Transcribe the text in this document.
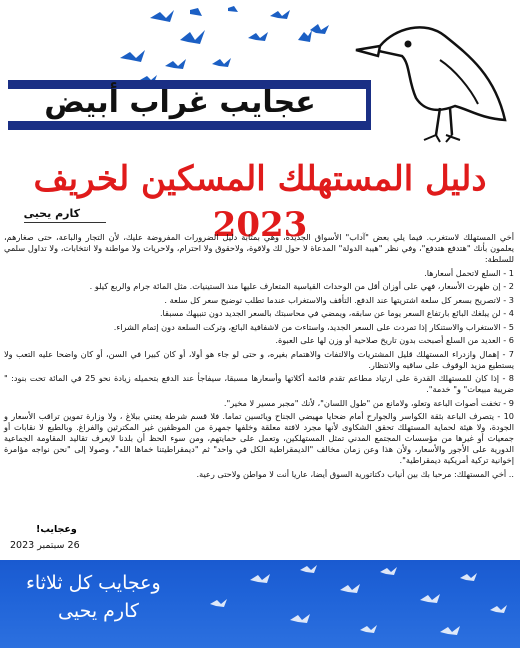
عجايب غراب أبيض
دليل المستهلك المسكين لخريف 2023
كارم يحيى

أخي المستهلك لاستغرب. فيما يلي بعض "آداب" الأسواق الجديدة، وهي بمثابة دليل الضرورات المفروضة عليك، لأن التجار والباعة، حتى صغارهم، يعلمون بأنك "هتدفع هتدفع"، وفي نظر "هيبة الدولة" المدعاة لا حول لك ولاقوة، ولاحقوق ولا احترام، ولاحريات ولا مواطنة ولا انتخابات، ولا تداول سلمي للسلطة:

1 - السلع لاتحمل أسعارها.

2 - إن ظهرت الأسعار، فهي على أوزان أقل من الوحدات القياسية المتعارف عليها منذ الستينيات. مثل المائة جرام والربع كيلو .

3 - لاتصريح بسعر كل سلعة اشتريتها عند الدفع. التأفف والاستغراب عندما تطلب توضيح سعر كل سلعة .

4 - لن يبلغك البائع بارتفاع السعر يوما عن سابقه، ويمضي في محاسبتك بالسعر الجديد دون تنبيهك مسبقا.

5 - الاستغراب والاستنكار إذا تمردت على السعر الجديد، واستاءت من لاشفافية البائع، وتركت السلعة دون إتمام الشراء.

6 - العديد من السلع أصبحت بدون تاريخ صلاحية أو وزن لها على العبوة.

7 - إهمال وازدراء المستهلك قليل المشتريات والالتفات والاهتمام بغيره، و حتى لو جاء هو أولا، أو كان كبيرا في السن، أو كان واضحا عليه التعب ولا يستطيع مزيد الوقوف على ساقيه والانتظار.

8 - إذا كان للمستهلك القدرة على ارتياد مطاعم تقدم قائمة أكلاتها وأسعارها مسبقا، سيفاجأ عند الدفع بتحميله زيادة نحو 25 في المائة تحت بنود: " ضريبة مبيعات" و" خدمة".

9 - تخفت أصوات الباعة وتعلو، ولامانع من "طول اللسان"، لأنك "مجبر مسير لا مخير".

10 - يتصرف الباعة بثقة الكواسر والجوارح أمام ضحايا مهيضي الجناح ويائسين تماما. فلا قسم شرطة يعتني ببلاغ ، ولا وزارة تموين تراقب الأسعار و الجودة، ولا هيئة لحماية المستهلك تحقق الشكاوى لأنها مجرد لافتة معلقة وخلفها جمهرة من الموظفين غير المكترثين والفراغ. وبالطبع لا نقابات أو جمعيات أو غيرها من مؤسسات المجتمع المدني تمثل المستهلكين، وتعمل على حمايتهم، ومن سوء الحظ أن بلدنا لايعرف تقاليد المقاومة الجماعية الدورية على الأجور والأسعار، ولأن هذا وعن زمان مخالف "الديمقراطية الكل في واحد" ثم "ديمقراطيتنا خماها الله"، وصولا إلى "نحن نواجه مؤامرة إخوانية تركية أمريكية ديمقراطية".

.. أخي المستهلك: مرحبا بك بين أنياب دكتاتورية السوق أيضا، عاريا أنت لا مواطن ولاحتى رعية.

وعجايب!
26 سبتمبر 2023
وعجايب كل ثلاثاء
كارم يحيى
